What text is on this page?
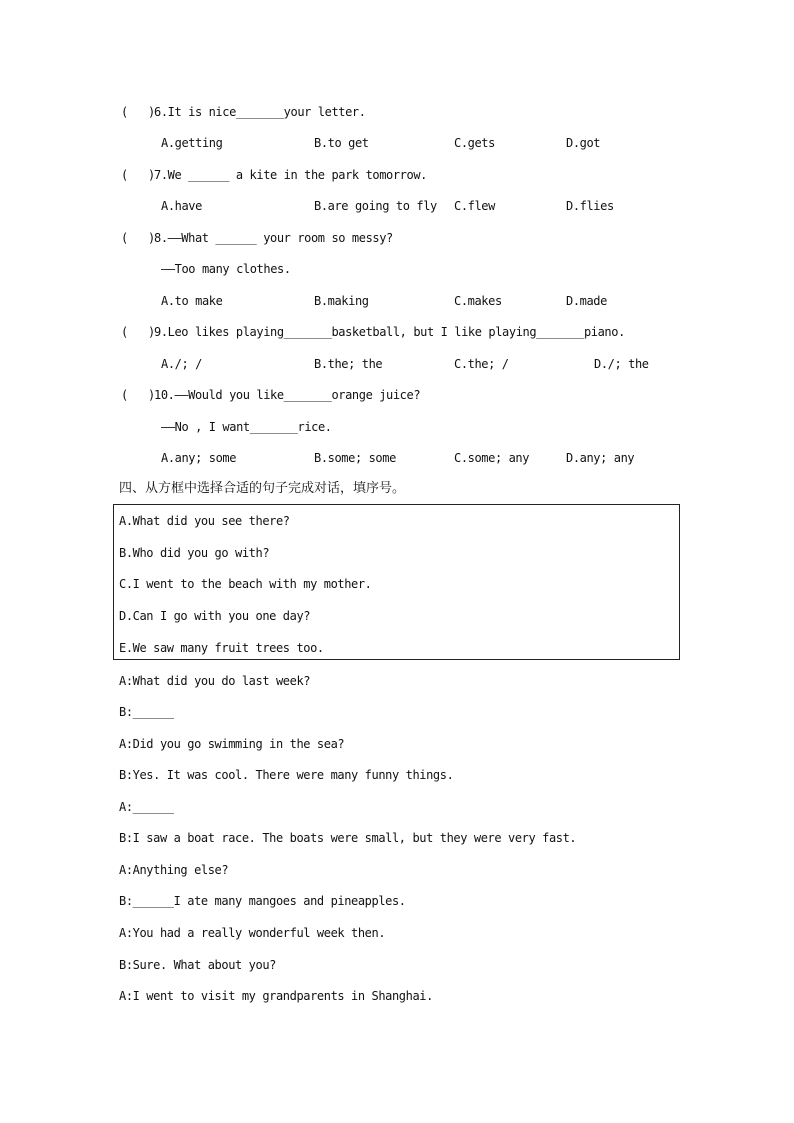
( )
6.It is nice_______your letter.
A.getting	B.to get	C.gets	D.got
( )
7.We ______ a kite in the park tomorrow.
A.have	B.are going to fly C.flew	D.flies
( )
8.——What ______ your room so messy?
——Too many clothes.
A.to make	B.making	C.makes	D.made
( )
9.Leo likes playing_______basketball, but I like playing_______piano.
A./; /	B.the; the	C.the; /	D./; the
( )
10.——Would you like_______orange juice?
——No , I want_______rice.
A.any; some	B.some; some	C.some; any	D.any; any
四、从方框中选择合适的句子完成对话，填序号。
A.What did you see there?
B.Who did you go with?
C.I went to the beach with my mother.
D.Can I go with you one day?
E.We saw many fruit trees too.
A:What did you do last week?
B:______
A:Did you go swimming in the sea?
B:Yes. It was cool. There were many funny things.
A:______
B:I saw a boat race. The boats were small, but they were very fast.
A:Anything else?
B:______I ate many mangoes and pineapples.
A:You had a really wonderful week then.
B:Sure. What about you?
A:I went to visit my grandparents in Shanghai.
